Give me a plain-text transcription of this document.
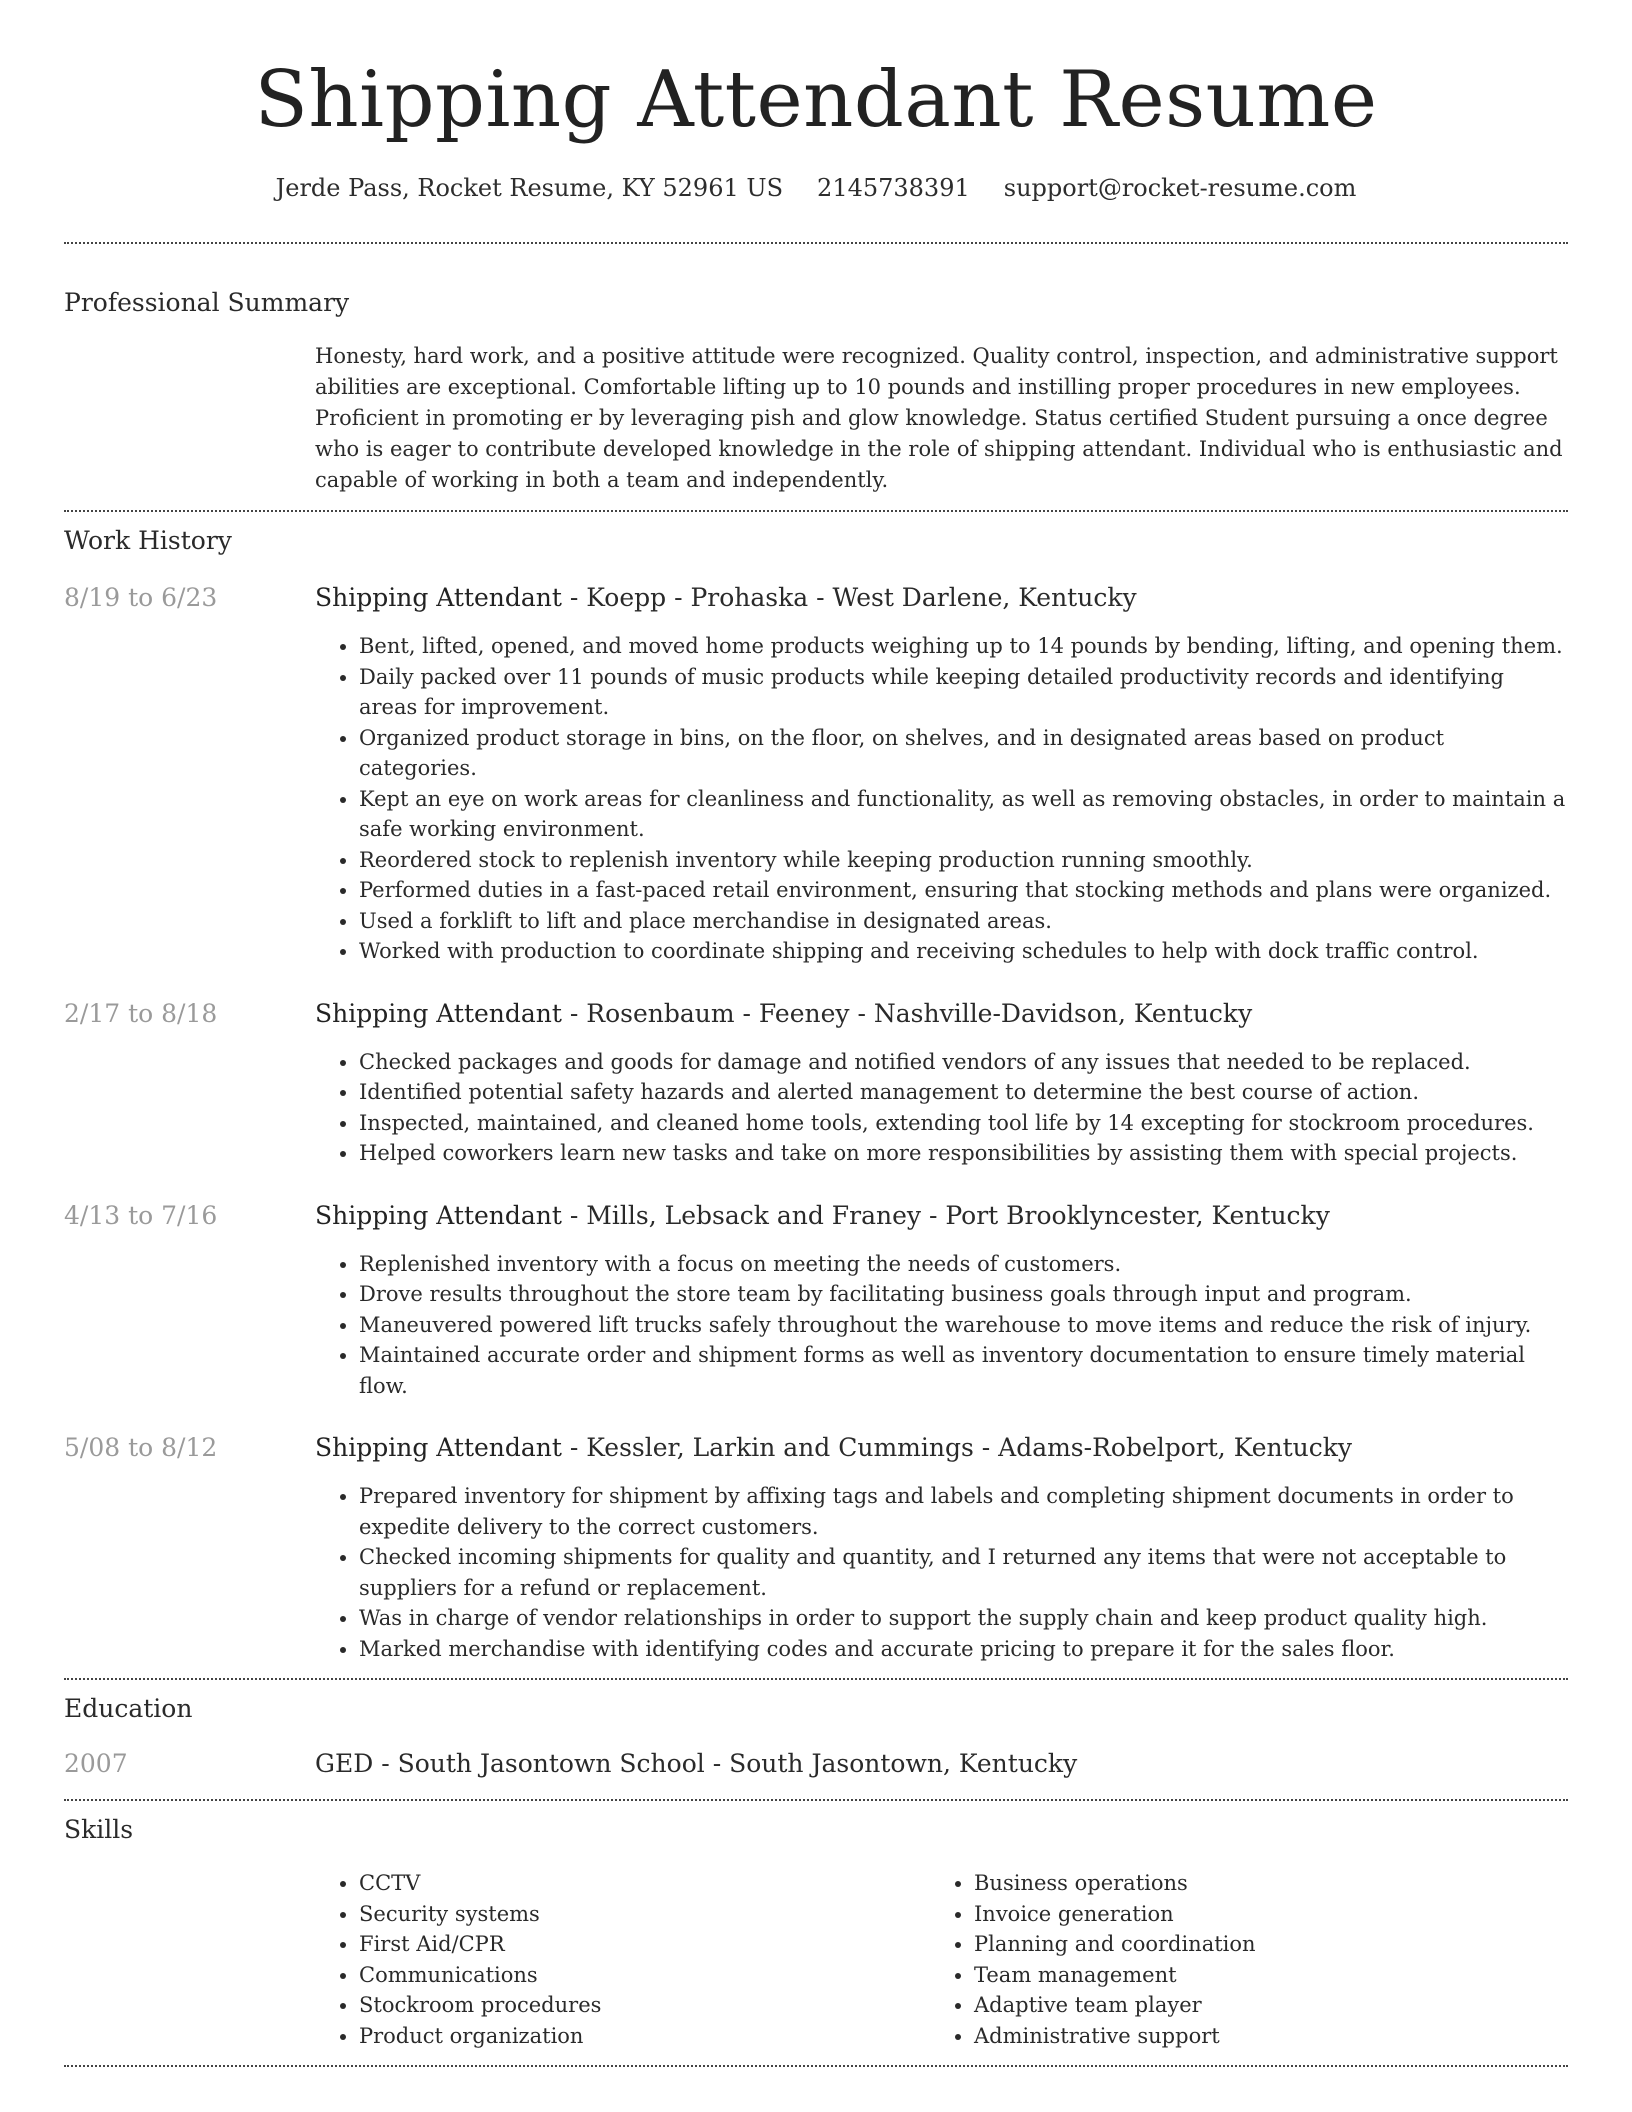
Shipping Attendant Resume
Jerde Pass, Rocket Resume, KY 52961 US 2145738391 support@rocket-resume.com
Professional Summary
Honesty, hard work, and a positive attitude were recognized. Quality control, inspection, and administrative support abilities are exceptional. Comfortable lifting up to 10 pounds and instilling proper procedures in new employees. Proficient in promoting er by leveraging pish and glow knowledge. Status certified Student pursuing a once degree who is eager to contribute developed knowledge in the role of shipping attendant. Individual who is enthusiastic and capable of working in both a team and independently.
Work History
8/19 to 6/23	Shipping Attendant - Koepp - Prohaska - West Darlene, Kentucky
• Bent, lifted, opened, and moved home products weighing up to 14 pounds by bending, lifting, and opening them.
• Daily packed over 11 pounds of music products while keeping detailed productivity records and identifying areas for improvement.
• Organized product storage in bins, on the floor, on shelves, and in designated areas based on product categories.
• Kept an eye on work areas for cleanliness and functionality, as well as removing obstacles, in order to maintain a safe working environment.
• Reordered stock to replenish inventory while keeping production running smoothly.
• Performed duties in a fast-paced retail environment, ensuring that stocking methods and plans were organized.
• Used a forklift to lift and place merchandise in designated areas.
• Worked with production to coordinate shipping and receiving schedules to help with dock traffic control.
2/17 to 8/18	Shipping Attendant - Rosenbaum - Feeney - Nashville-Davidson, Kentucky
• Checked packages and goods for damage and notified vendors of any issues that needed to be replaced.
• Identified potential safety hazards and alerted management to determine the best course of action.
• Inspected, maintained, and cleaned home tools, extending tool life by 14 excepting for stockroom procedures.
• Helped coworkers learn new tasks and take on more responsibilities by assisting them with special projects.
4/13 to 7/16	Shipping Attendant - Mills, Lebsack and Franey - Port Brooklyncester, Kentucky
• Replenished inventory with a focus on meeting the needs of customers.
• Drove results throughout the store team by facilitating business goals through input and program.
• Maneuvered powered lift trucks safely throughout the warehouse to move items and reduce the risk of injury.
• Maintained accurate order and shipment forms as well as inventory documentation to ensure timely material flow.
5/08 to 8/12	Shipping Attendant - Kessler, Larkin and Cummings - Adams-Robelport, Kentucky
• Prepared inventory for shipment by affixing tags and labels and completing shipment documents in order to expedite delivery to the correct customers.
• Checked incoming shipments for quality and quantity, and I returned any items that were not acceptable to suppliers for a refund or replacement.
• Was in charge of vendor relationships in order to support the supply chain and keep product quality high.
• Marked merchandise with identifying codes and accurate pricing to prepare it for the sales floor.
Education
2007	GED - South Jasontown School - South Jasontown, Kentucky
Skills
• CCTV
• Security systems
• First Aid/CPR
• Communications
• Stockroom procedures
• Product organization
• Business operations
• Invoice generation
• Planning and coordination
• Team management
• Adaptive team player
• Administrative support
